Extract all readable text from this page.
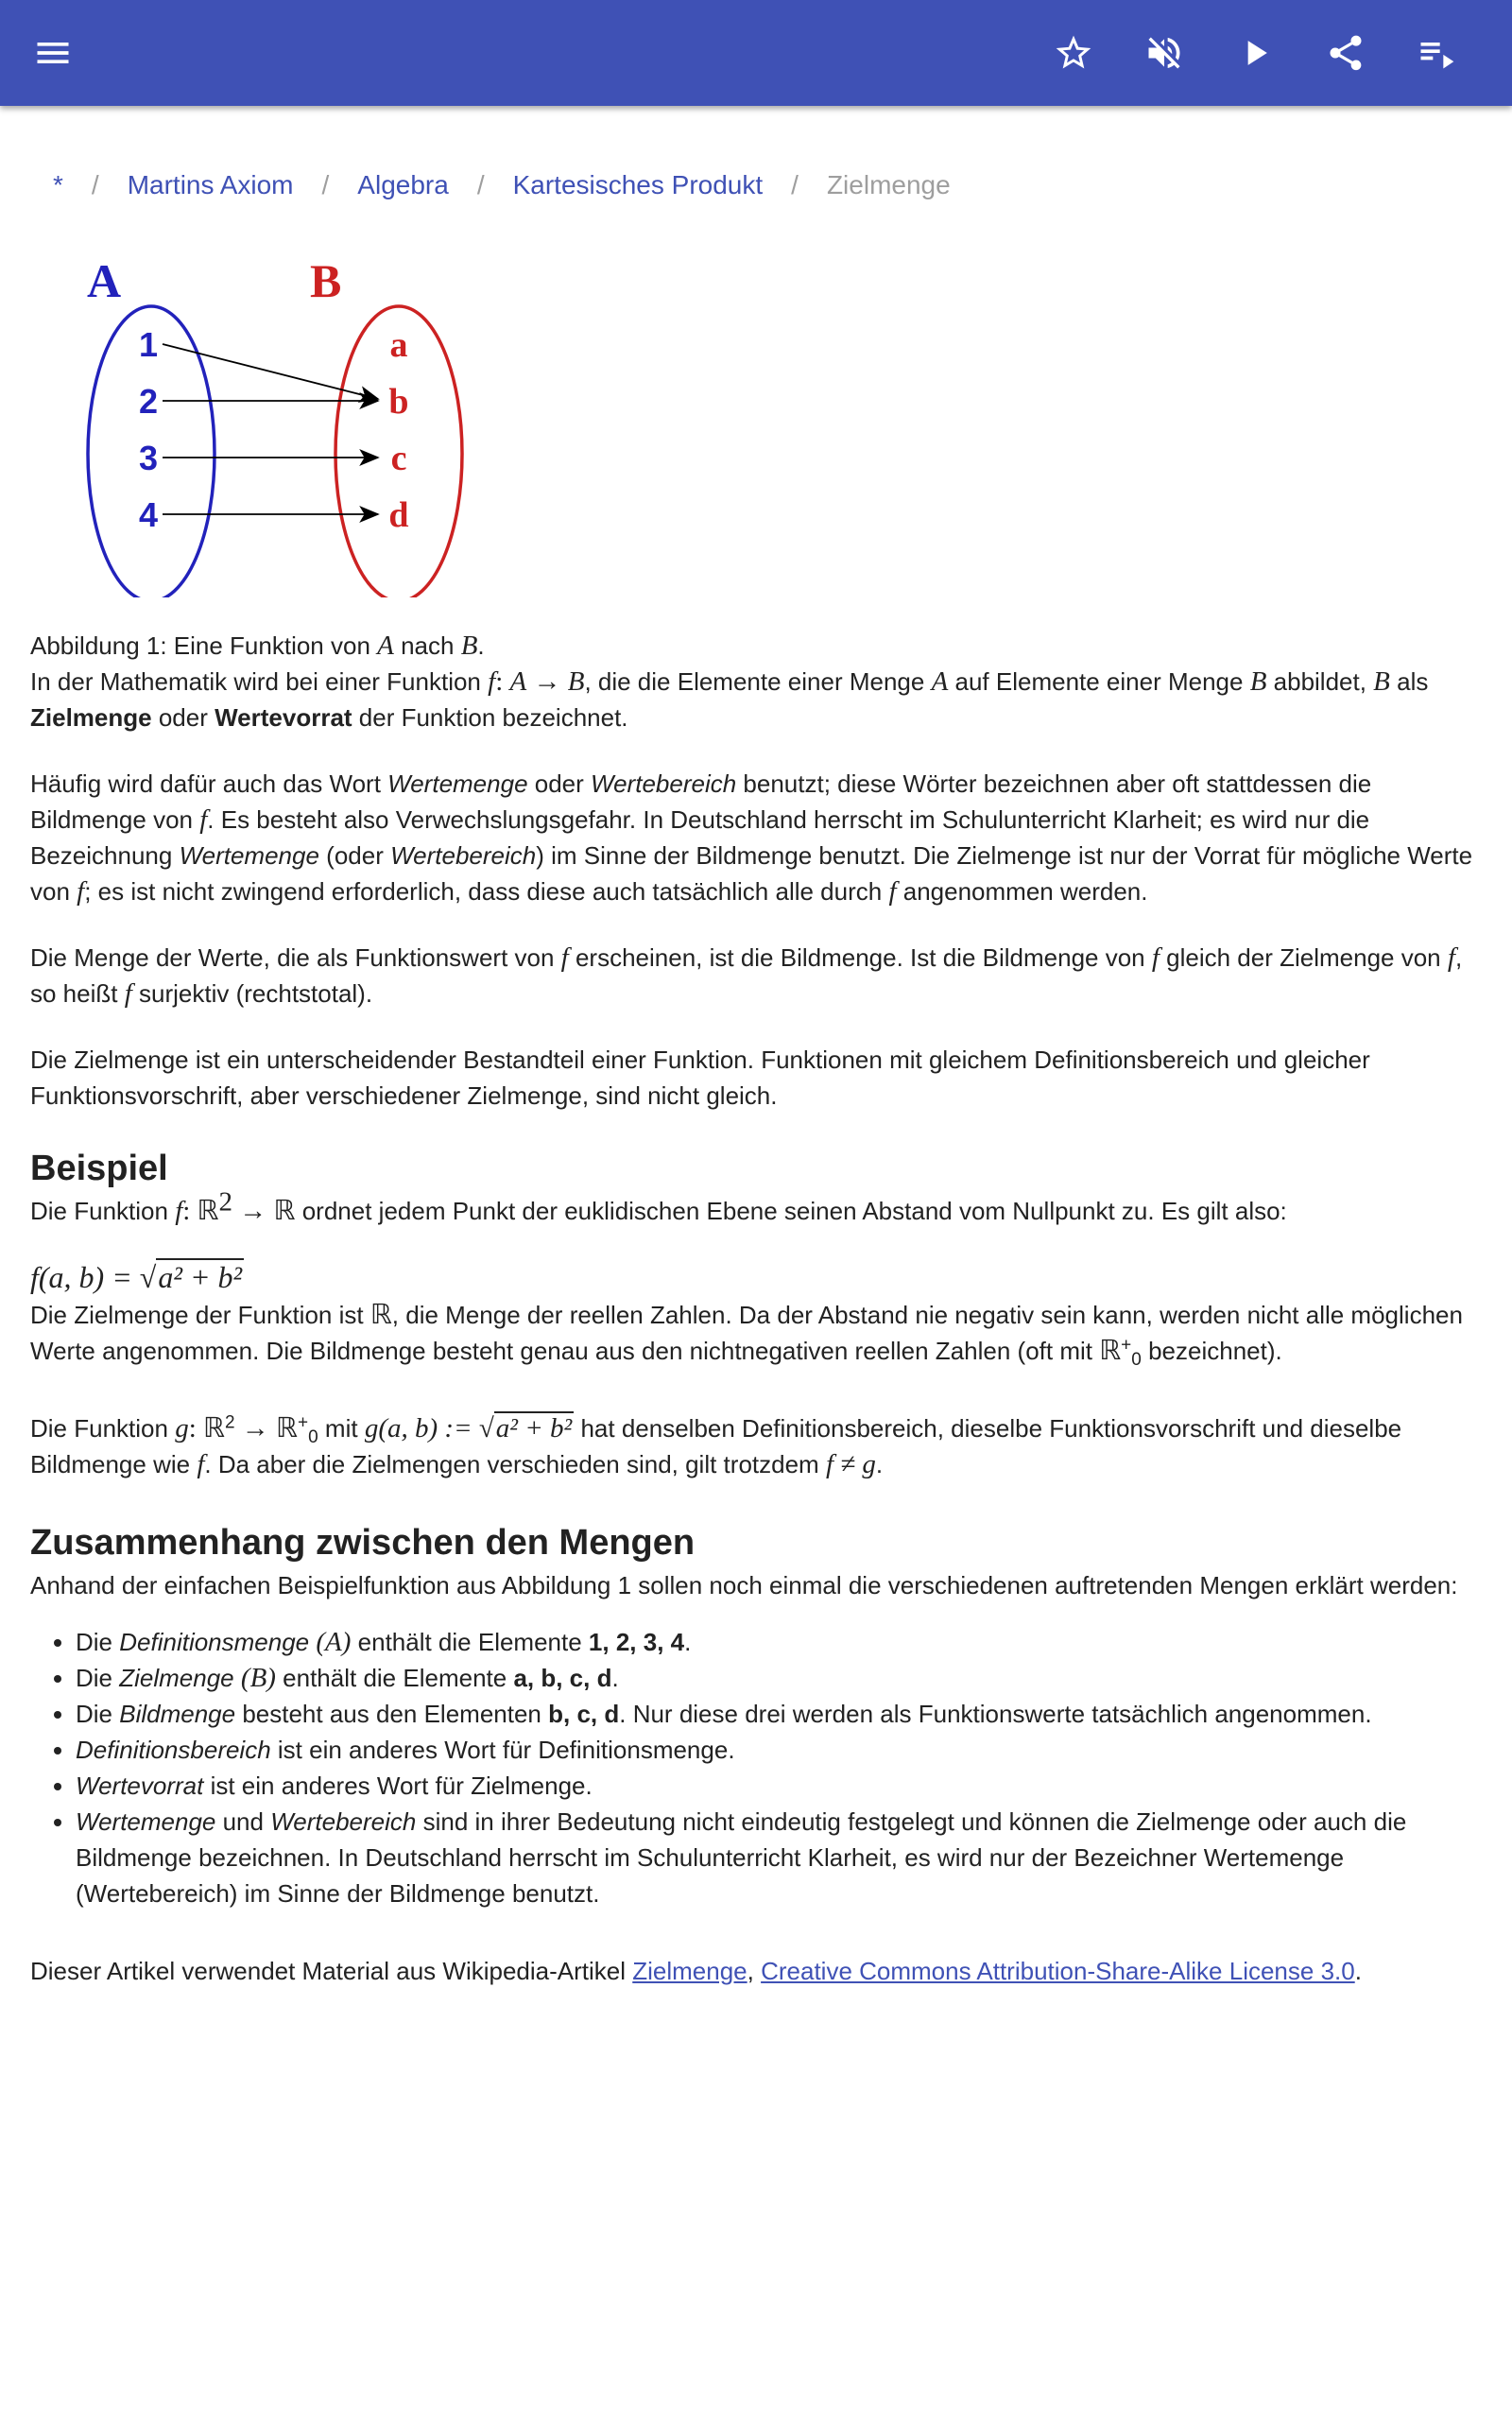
* / Martins Axiom / Algebra / Kartesisches Produkt / Zielmenge
A	B
1
2
3
4
a
b
c
d
Abbildung 1: Eine Funktion von A nach B.

In der Mathematik wird bei einer Funktion f: A → B, die die Elemente einer Menge A auf Elemente einer Menge B abbildet, B als Zielmenge oder Wertevorrat der Funktion bezeichnet.

Häufig wird dafür auch das Wort Wertemenge oder Wertebereich benutzt; diese Wörter bezeichnen aber oft stattdessen die Bildmenge von f. Es besteht also Verwechslungsgefahr. In Deutschland herrscht im Schulunterricht Klarheit; es wird nur die Bezeichnung Wertemenge (oder Wertebereich) im Sinne der Bildmenge benutzt. Die Zielmenge ist nur der Vorrat für mögliche Werte von f; es ist nicht zwingend erforderlich, dass diese auch tatsächlich alle durch f angenommen werden.

Die Menge der Werte, die als Funktionswert von f erscheinen, ist die Bildmenge. Ist die Bildmenge von f gleich der Zielmenge von f, so heißt f surjektiv (rechtstotal).

Die Zielmenge ist ein unterscheidender Bestandteil einer Funktion. Funktionen mit gleichem Definitionsbereich und gleicher Funktionsvorschrift, aber verschiedener Zielmenge, sind nicht gleich.

Beispiel
Die Funktion f: ℝ$^2$ → ℝ ordnet jedem Punkt der euklidischen Ebene seinen Abstand vom Nullpunkt zu. Es gilt also:
f(a, b) = √a² + b²

Die Zielmenge der Funktion ist ℝ, die Menge der reellen Zahlen. Da der Abstand nie negativ sein kann, werden nicht alle möglichen Werte angenommen. Die Bildmenge besteht genau aus den nichtnegativen reellen Zahlen (oft mit ℝ+$_0$ bezeichnet).

Die Funktion g: ℝ$^2$ → ℝ+$_0$ mit g(a, b) := √a² + b² hat denselben Definitionsbereich, dieselbe Funktionsvorschrift und dieselbe Bildmenge wie f. Da aber die Zielmengen verschieden sind, gilt trotzdem f ≠ g.

Zusammenhang zwischen den Mengen

Anhand der einfachen Beispielfunktion aus Abbildung 1 sollen noch einmal die verschiedenen auftretenden Mengen erklärt werden:

• Die Definitionsmenge (A) enthält die Elemente 1, 2, 3, 4.
• Die Zielmenge (B) enthält die Elemente a, b, c, d.
• Die Bildmenge besteht aus den Elementen b, c, d. Nur diese drei werden als Funktionswerte tatsächlich angenommen.
• Definitionsbereich ist ein anderes Wort für Definitionsmenge.
• Wertevorrat ist ein anderes Wort für Zielmenge.
• Wertemenge und Wertebereich sind in ihrer Bedeutung nicht eindeutig festgelegt und können die Zielmenge oder auch die Bildmenge bezeichnen. In Deutschland herrscht im Schulunterricht Klarheit, es wird nur der Bezeichner Wertemenge (Wertebereich) im Sinne der Bildmenge benutzt.

Dieser Artikel verwendet Material aus Wikipedia-Artikel Zielmenge, Creative Commons Attribution-Share-Alike License 3.0.
